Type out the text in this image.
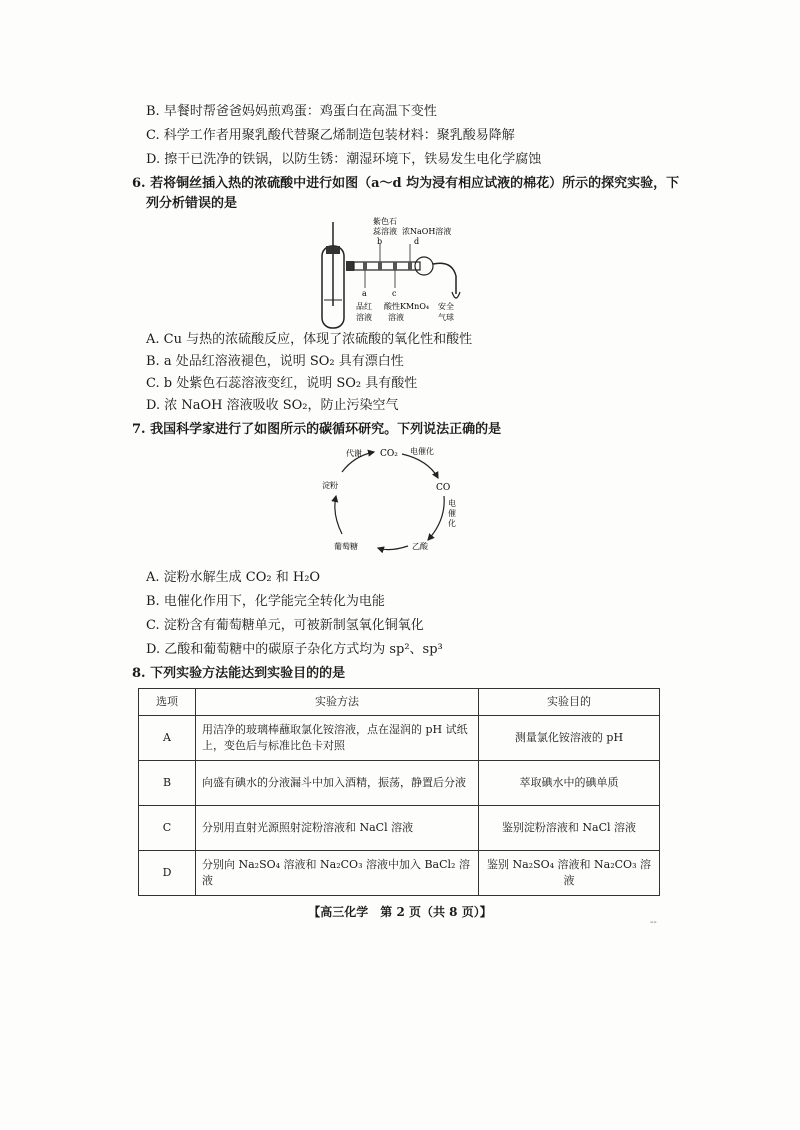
B. 早餐时帮爸爸妈妈煎鸡蛋：鸡蛋白在高温下变性
C. 科学工作者用聚乳酸代替聚乙烯制造包装材料：聚乳酸易降解
D. 擦干已洗净的铁锅，以防生锈：潮湿环境下，铁易发生电化学腐蚀
6. 若将铜丝插入热的浓硫酸中进行如图（a～d 均为浸有相应试液的棉花）所示的探究实验，下
列分析错误的是
紫色石
蕊溶液
b
浓NaOH溶液
d
a	c
品红
溶液
酸性KMnO₄
溶液
安全
气球
A. Cu 与热的浓硫酸反应，体现了浓硫酸的氧化性和酸性
B. a 处品红溶液褪色，说明 SO₂ 具有漂白性
C. b 处紫色石蕊溶液变红，说明 SO₂ 具有酸性
D. 浓 NaOH 溶液吸收 SO₂，防止污染空气
7. 我国科学家进行了如图所示的碳循环研究。下列说法正确的是
CO₂
代谢	电催化
淀粉	CO
电
催
化
葡萄糖	乙酸
A. 淀粉水解生成 CO₂ 和 H₂O
B. 电催化作用下，化学能完全转化为电能
C. 淀粉含有葡萄糖单元，可被新制氢氧化铜氧化
D. 乙酸和葡萄糖中的碳原子杂化方式均为 sp²、sp³
8. 下列实验方法能达到实验目的的是
选项	实验方法	实验目的
A	用洁净的玻璃棒蘸取氯化铵溶液，点在湿润的 pH 试纸上，变色后与标准比色卡对照	测量氯化铵溶液的 pH
B	向盛有碘水的分液漏斗中加入酒精，振荡，静置后分液	萃取碘水中的碘单质
C	分别用直射光源照射淀粉溶液和 NaCl 溶液	鉴别淀粉溶液和 NaCl 溶液
D	分别向 Na₂SO₄ 溶液和 Na₂CO₃ 溶液中加入 BaCl₂ 溶液	鉴别 Na₂SO₄ 溶液和 Na₂CO₃ 溶液
【高三化学　第 2 页（共 8 页）】
--
